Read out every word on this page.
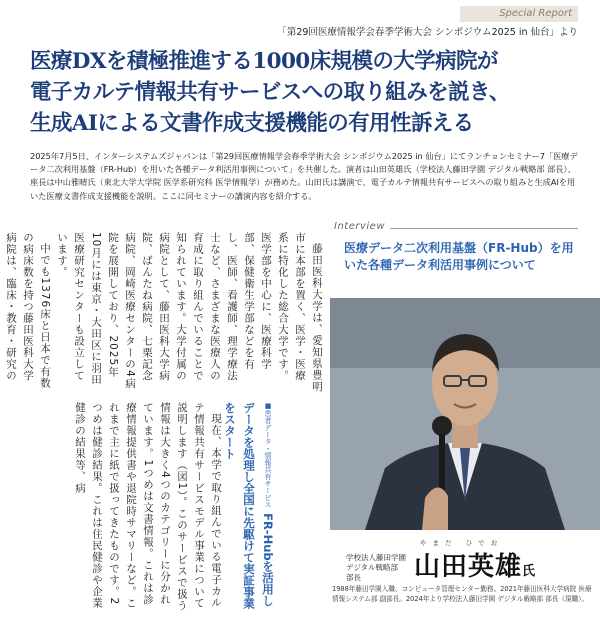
Special Report
「第29回医療情報学会春季学術大会 シンポジウム2025 in 仙台」より
医療DXを積極推進する1000床規模の大学病院が
電子カルテ情報共有サービスへの取り組みを説き、
生成AIによる文書作成支援機能の有用性訴える
2025年7月5日、インターシステムズジャパンは「第29回医療情報学会春季学術大会 シンポジウム2025 in 仙台」にてランチョンセミナー7「医療データ二次利用基盤（FR-Hub）を用いた各種データ利活用事例について」を共催した。演者は山田英雄氏（学校法人藤田学園 デジタル戦略部 部長）、座長は中山雅晴氏（東北大学大学院 医学系研究科 医学情報学）が務めた。山田氏は講演で、電子カルテ情報共有サービスへの取り組みと生成AIを用いた医療文書作成支援機能を説明。ここに同セミナーの講演内容を紹介する。
Interview

藤田医科大学は、愛知県豊明市に本部を置く、医学・医療系に特化した総合大学です。医学部を中心に、医療科学部、保健衛生学部などを有し、医師、看護師、理学療法士など、さまざまな医療人の育成に取り組んでいることで知られています。大学付属の病院として、藤田医科大学病院、ばんたね病院、七栗記念病院、岡崎医療センターの4病院を展開しており、2025年10月には東京・大田区に羽田医療研究センターも設立しています。

中でも1376床と日本で有数の病床数を持つ藤田医科大学病院は、臨床・教育・研究の

医療データ二次利用基盤（FR-Hub）を用いた各種データ利活用事例について
学校法人藤田学園
デジタル戦略部
部長
やまだ ひでお
山田英雄氏
1988年藤田学園入職、コンピュータ管理センター勤務。2021年藤田医科大学病院 医療情報システム部 副部長。2024年より学校法人藤田学園 デジタル戦略部 部長（現職）。

現在、本学で取り組んでいる電子カルテ情報共有サービスモデル事業について説明します（図1）。このサービスで扱う情報は大きく4つのカテゴリーに分かれています。1つめは文書情報。これは診療情報提供書や退院時サマリーなど。これまで主に紙で扱ってきたものです。2つめは健診結果。これは住民健診や企業健診の結果等、病	■患者データ・情報共有サービス FR-Hubを活用しデータを処理し全国に先駆けて実証事業をスタート
